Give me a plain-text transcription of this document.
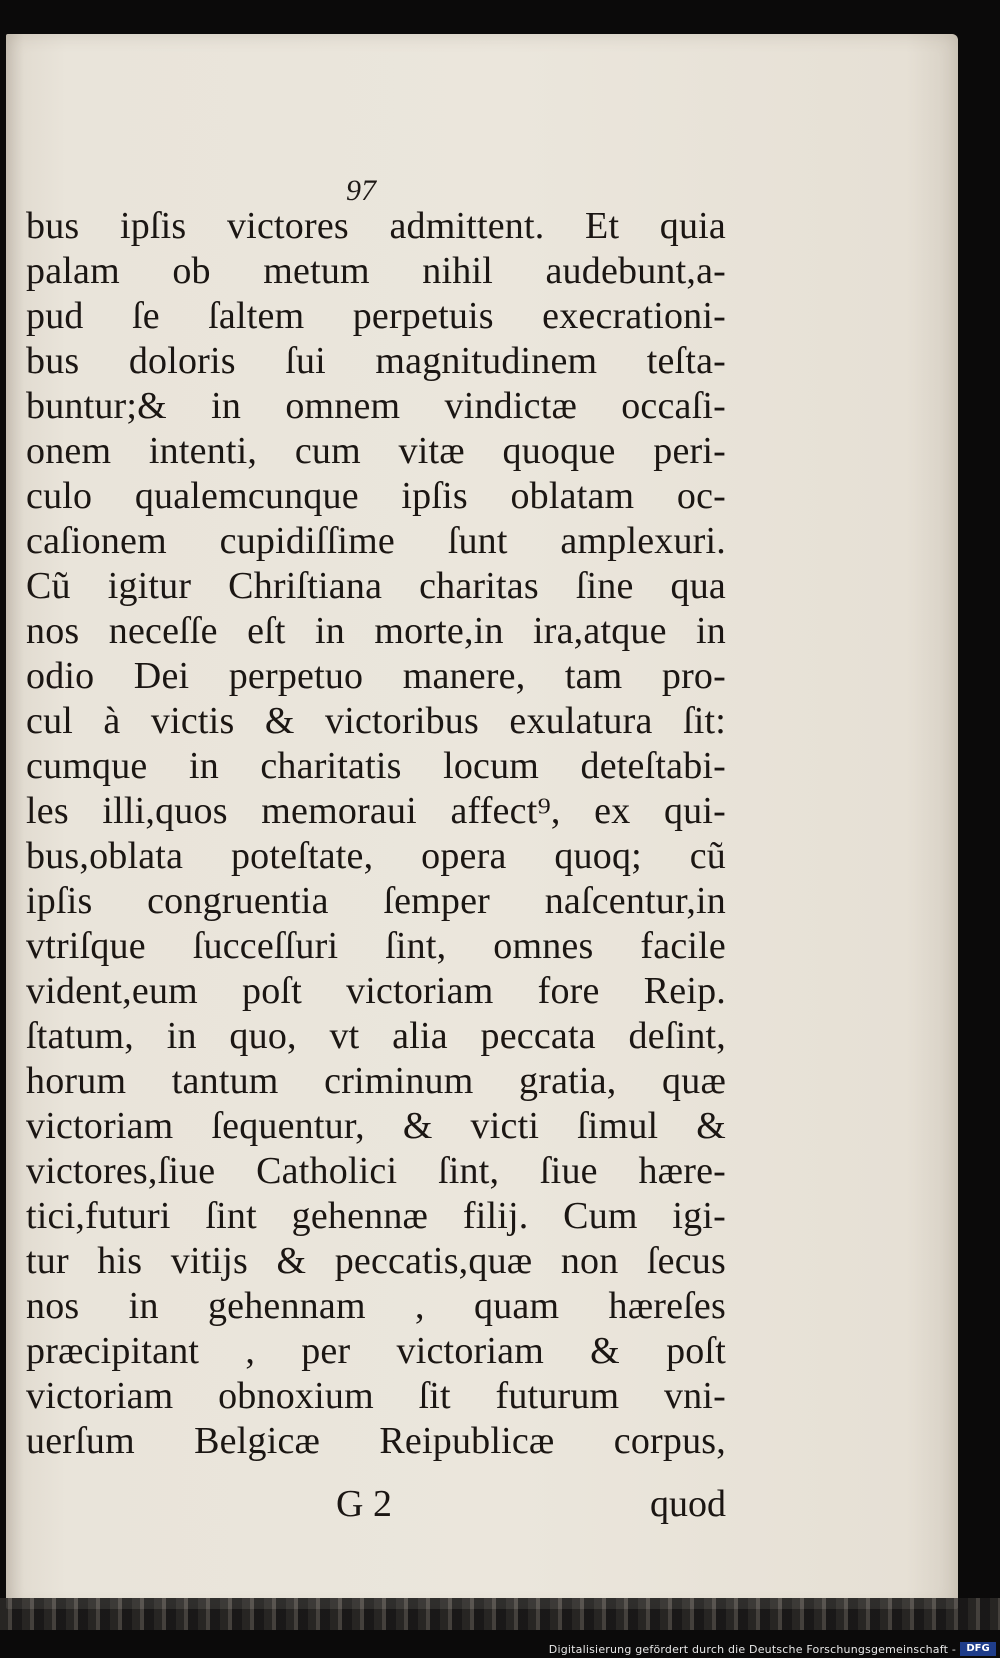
97
bus ipſis victores admittent. Et quia
palam ob metum nihil audebunt,a-
pud ſe ſaltem perpetuis execrationi-
bus doloris ſui magnitudinem teſta-
buntur;& in omnem vindictæ occaſi-
onem intenti, cum vitæ quoque peri-
culo qualemcunque ipſis oblatam oc-
caſionem cupidiſſime ſunt amplexuri.
Cũ igitur Chriſtiana charitas ſine qua
nos neceſſe eſt in morte,in ira,atque in
odio Dei perpetuo manere, tam pro-
cul à victis & victoribus exulatura ſit:
cumque in charitatis locum deteſtabi-
les illi,quos memoraui affect⁹, ex qui-
bus,oblata poteſtate, opera quoq; cũ
ipſis congruentia ſemper naſcentur,in
vtriſque ſucceſſuri ſint, omnes facile
vident,eum poſt victoriam fore Reip.
ſtatum, in quo, vt alia peccata deſint,
horum tantum criminum gratia, quæ
victoriam ſequentur, & victi ſimul &
victores,ſiue Catholici ſint, ſiue hære-
tici,futuri ſint gehennæ filij. Cum igi-
tur his vitijs & peccatis,quæ non ſecus
nos in gehennam , quam hæreſes
præcipitant , per victoriam & poſt
victoriam obnoxium ſit futurum vni-
uerſum Belgicæ Reipublicæ corpus,
G 2	quod
Digitalisierung gefördert durch die Deutsche Forschungsgemeinschaft -	DFG
